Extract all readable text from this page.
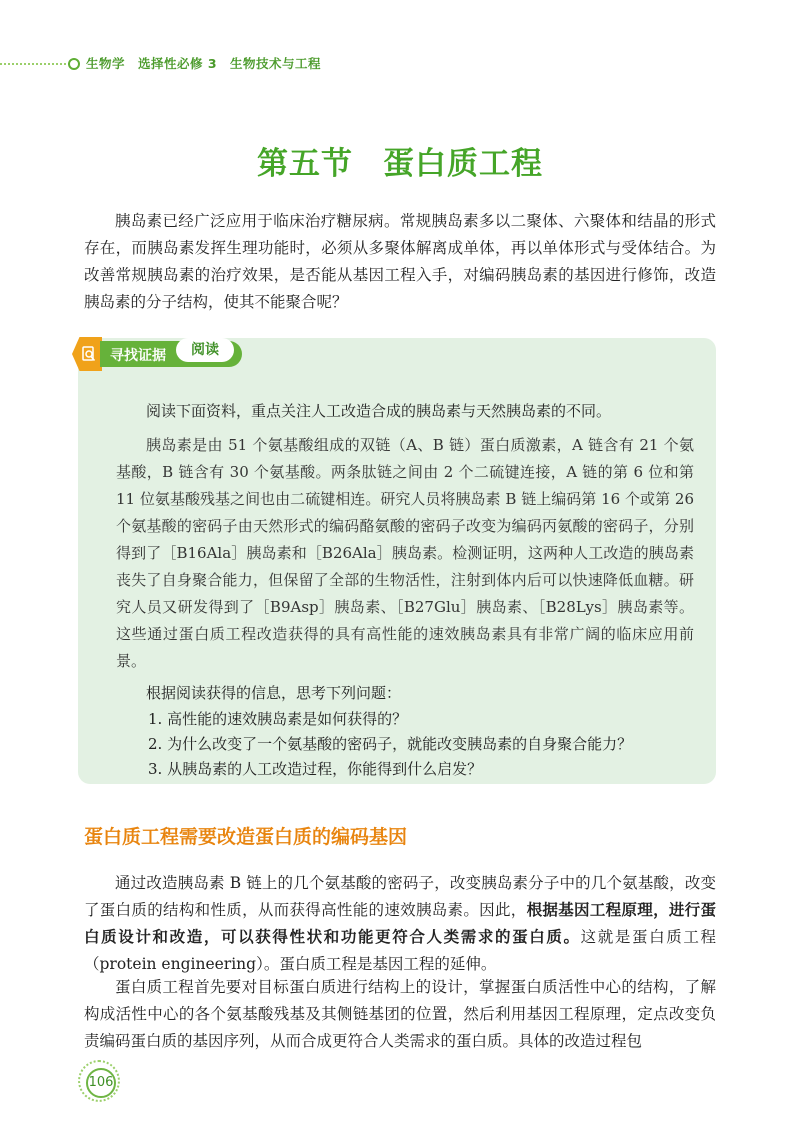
生物学　选择性必修 3　生物技术与工程
第五节 蛋白质工程

胰岛素已经广泛应用于临床治疗糖尿病。常规胰岛素多以二聚体、六聚体和结晶的形式存在，而胰岛素发挥生理功能时，必须从多聚体解离成单体，再以单体形式与受体结合。为改善常规胰岛素的治疗效果，是否能从基因工程入手，对编码胰岛素的基因进行修饰，改造胰岛素的分子结构，使其不能聚合呢？

寻找证据	阅读

阅读下面资料，重点关注人工改造合成的胰岛素与天然胰岛素的不同。

胰岛素是由 51 个氨基酸组成的双链（A、B 链）蛋白质激素，A 链含有 21 个氨基酸，B 链含有 30 个氨基酸。两条肽链之间由 2 个二硫键连接，A 链的第 6 位和第 11 位氨基酸残基之间也由二硫键相连。研究人员将胰岛素 B 链上编码第 16 个或第 26 个氨基酸的密码子由天然形式的编码酪氨酸的密码子改变为编码丙氨酸的密码子，分别得到了［B16Ala］胰岛素和［B26Ala］胰岛素。检测证明，这两种人工改造的胰岛素丧失了自身聚合能力，但保留了全部的生物活性，注射到体内后可以快速降低血糖。研究人员又研发得到了［B9Asp］胰岛素、［B27Glu］胰岛素、［B28Lys］胰岛素等。这些通过蛋白质工程改造获得的具有高性能的速效胰岛素具有非常广阔的临床应用前景。

根据阅读获得的信息，思考下列问题：

1. 高性能的速效胰岛素是如何获得的？
2. 为什么改变了一个氨基酸的密码子，就能改变胰岛素的自身聚合能力？
3. 从胰岛素的人工改造过程，你能得到什么启发？
蛋白质工程需要改造蛋白质的编码基因

通过改造胰岛素 B 链上的几个氨基酸的密码子，改变胰岛素分子中的几个氨基酸，改变了蛋白质的结构和性质，从而获得高性能的速效胰岛素。因此，根据基因工程原理，进行蛋白质设计和改造，可以获得性状和功能更符合人类需求的蛋白质。这就是蛋白质工程（protein engineering）。蛋白质工程是基因工程的延伸。

蛋白质工程首先要对目标蛋白质进行结构上的设计，掌握蛋白质活性中心的结构，了解构成活性中心的各个氨基酸残基及其侧链基团的位置，然后利用基因工程原理，定点改变负责编码蛋白质的基因序列，从而合成更符合人类需求的蛋白质。具体的改造过程包

106
